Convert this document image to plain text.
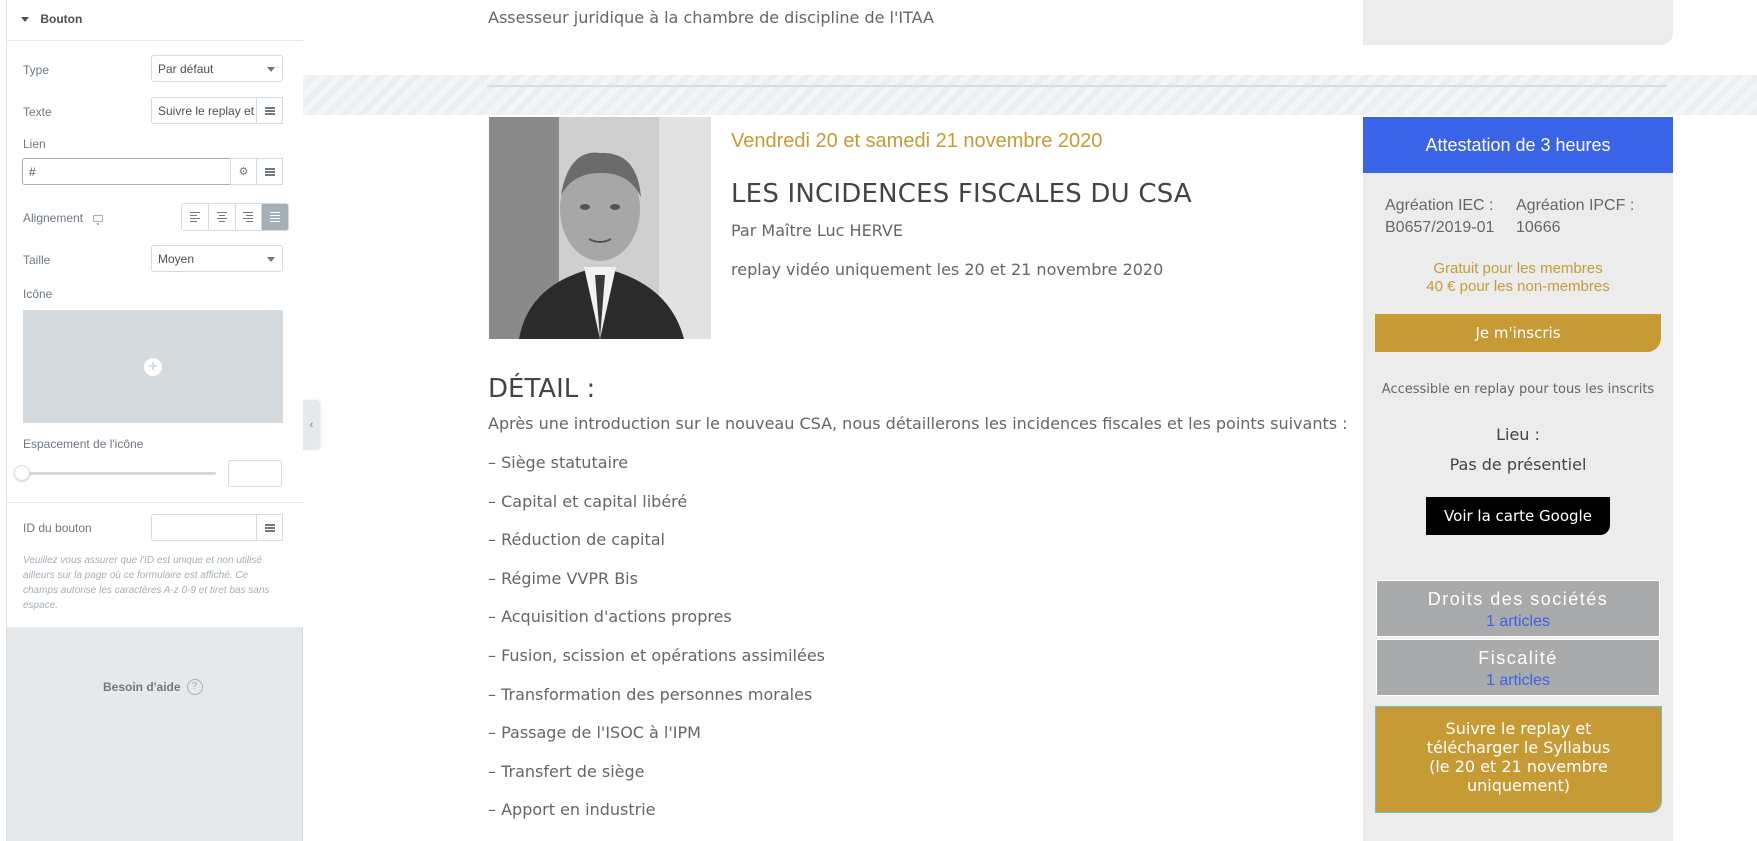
Bouton
Type	Par défaut
Texte	Suivre le replay et
Lien
#	⚙
Alignement
Taille	Moyen
Icône
+
Espacement de l'icône
ID du bouton
Veuillez vous assurer que l'ID est unique et non utilisé ailleurs sur la page où ce formulaire est affiché. Ce champs autorise les caractères A-z 0-9 et tiret bas sans espace.
Besoin d'aide	?
‹
Assesseur juridique à la chambre de discipline de l'ITAA
Vendredi 20 et samedi 21 novembre 2020
LES INCIDENCES FISCALES DU CSA
Par Maître Luc HERVE
replay vidéo uniquement les 20 et 21 novembre 2020
DÉTAIL :
Après une introduction sur le nouveau CSA, nous détaillerons les incidences fiscales et les points suivants :
– Siège statutaire
– Capital et capital libéré
– Réduction de capital
– Régime VVPR Bis
– Acquisition d'actions propres
– Fusion, scission et opérations assimilées
– Transformation des personnes morales
– Passage de l'ISOC à l'IPM
– Transfert de siège
– Apport en industrie
Attestation de 3 heures
Agréation IEC :
B0657/2019-01
Agréation IPCF :
10666
Gratuit pour les membres
40 € pour les non-membres
Je m'inscris
Accessible en replay pour tous les inscrits
Lieu :
Pas de présentiel
Voir la carte Google
Droits des sociétés
1 articles
Fiscalité
1 articles
Suivre le replay et
télécharger le Syllabus
(le 20 et 21 novembre
uniquement)
